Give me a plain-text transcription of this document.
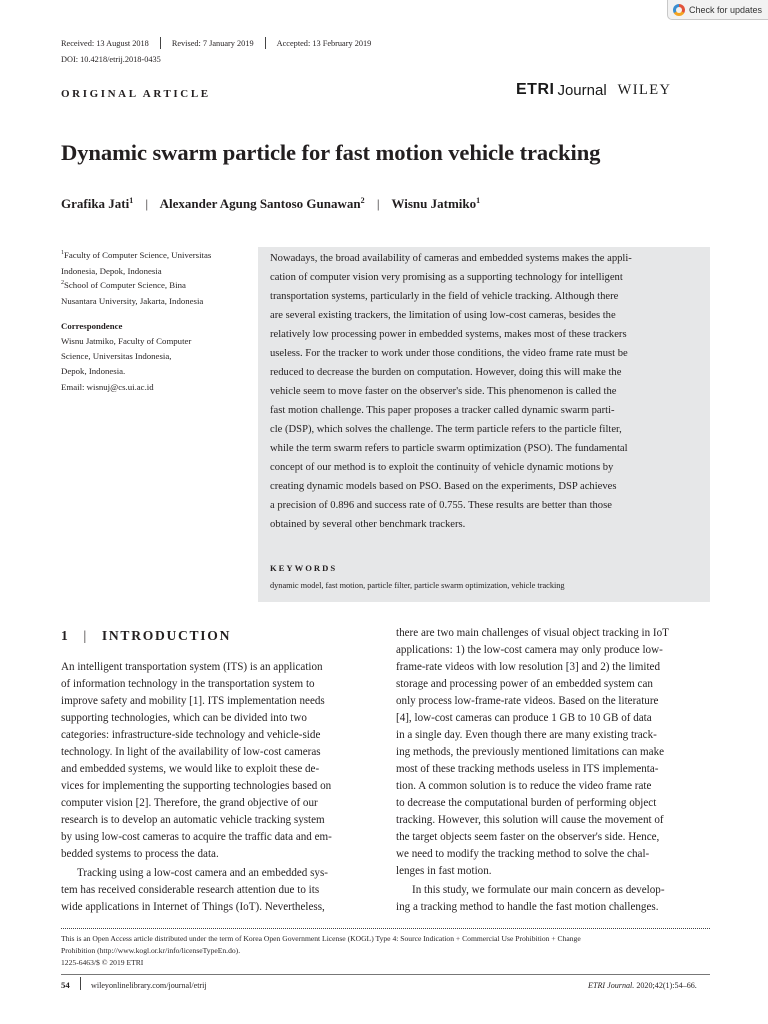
Check for updates
Received: 13 August 2018	Revised: 7 January 2019	Accepted: 13 February 2019
DOI: 10.4218/etrij.2018-0435
ORIGINAL ARTICLE	ETRI Journal WILEY
Dynamic swarm particle for fast motion vehicle tracking
Grafika Jati$^1$ | Alexander Agung Santoso Gunawan$^2$ | Wisnu Jatmiko$^1$
$^1$Faculty of Computer Science, Universitas
Indonesia, Depok, Indonesia
$^2$School of Computer Science, Bina
Nusantara University, Jakarta, Indonesia
Correspondence
Wisnu Jatmiko, Faculty of Computer
Science, Universitas Indonesia,
Depok, Indonesia.
Email: wisnuj@cs.ui.ac.id
Nowadays, the broad availability of cameras and embedded systems makes the appli-
cation of computer vision very promising as a supporting technology for intelligent
transportation systems, particularly in the field of vehicle tracking. Although there
are several existing trackers, the limitation of using low-cost cameras, besides the
relatively low processing power in embedded systems, makes most of these trackers
useless. For the tracker to work under those conditions, the video frame rate must be
reduced to decrease the burden on computation. However, doing this will make the
vehicle seem to move faster on the observer's side. This phenomenon is called the
fast motion challenge. This paper proposes a tracker called dynamic swarm parti-
cle (DSP), which solves the challenge. The term particle refers to the particle filter,
while the term swarm refers to particle swarm optimization (PSO). The fundamental
concept of our method is to exploit the continuity of vehicle dynamic motions by
creating dynamic models based on PSO. Based on the experiments, DSP achieves
a precision of 0.896 and success rate of 0.755. These results are better than those
obtained by several other benchmark trackers.
KEYWORDS
dynamic model, fast motion, particle filter, particle swarm optimization, vehicle tracking
1 | INTRODUCTION
An intelligent transportation system (ITS) is an application
of information technology in the transportation system to
improve safety and mobility [1]. ITS implementation needs
supporting technologies, which can be divided into two
categories: infrastructure-side technology and vehicle-side
technology. In light of the availability of low-cost cameras
and embedded systems, we would like to exploit these de-
vices for implementing the supporting technologies based on
computer vision [2]. Therefore, the grand objective of our
research is to develop an automatic vehicle tracking system
by using low-cost cameras to acquire the traffic data and em-
bedded systems to process the data.
Tracking using a low-cost camera and an embedded sys-
tem has received considerable research attention due to its
wide applications in Internet of Things (IoT). Nevertheless,
there are two main challenges of visual object tracking in IoT
applications: 1) the low-cost camera may only produce low-
frame-rate videos with low resolution [3] and 2) the limited
storage and processing power of an embedded system can
only process low-frame-rate videos. Based on the literature
[4], low-cost cameras can produce 1 GB to 10 GB of data
in a single day. Even though there are many existing track-
ing methods, the previously mentioned limitations can make
most of these tracking methods useless in ITS implementa-
tion. A common solution is to reduce the video frame rate
to decrease the computational burden of performing object
tracking. However, this solution will cause the movement of
the target objects seem faster on the observer's side. Hence,
we need to modify the tracking method to solve the chal-
lenges in fast motion.
In this study, we formulate our main concern as develop-
ing a tracking method to handle the fast motion challenges.
This is an Open Access article distributed under the term of Korea Open Government License (KOGL) Type 4: Source Indication + Commercial Use Prohibition + Change
Prohibition (http://www.kogl.or.kr/info/licenseTypeEn.do).
1225-6463/$ © 2019 ETRI
54	wileyonlinelibrary.com/journal/etrij	ETRI Journal. 2020;42(1):54–66.
